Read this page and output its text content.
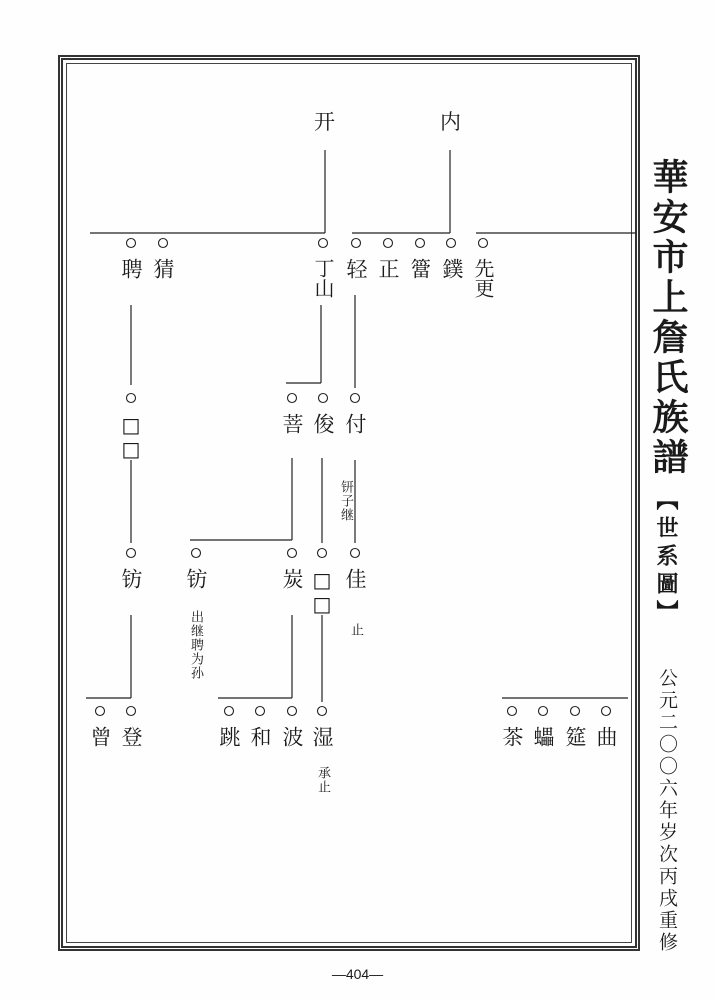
开	内
聘 猜	丁山 轻 正 簹 鏷 先更
□□	菩 俊 付
钘子继
钫 钫
出继聘为孙
炭 □□ 佳
止
曾 登	跳 和 波 湿
承止
茶 蠝 筵 曲
華安市上詹氏族譜
【世系圖】
公元二〇〇六年岁次丙戌重修
—404—
